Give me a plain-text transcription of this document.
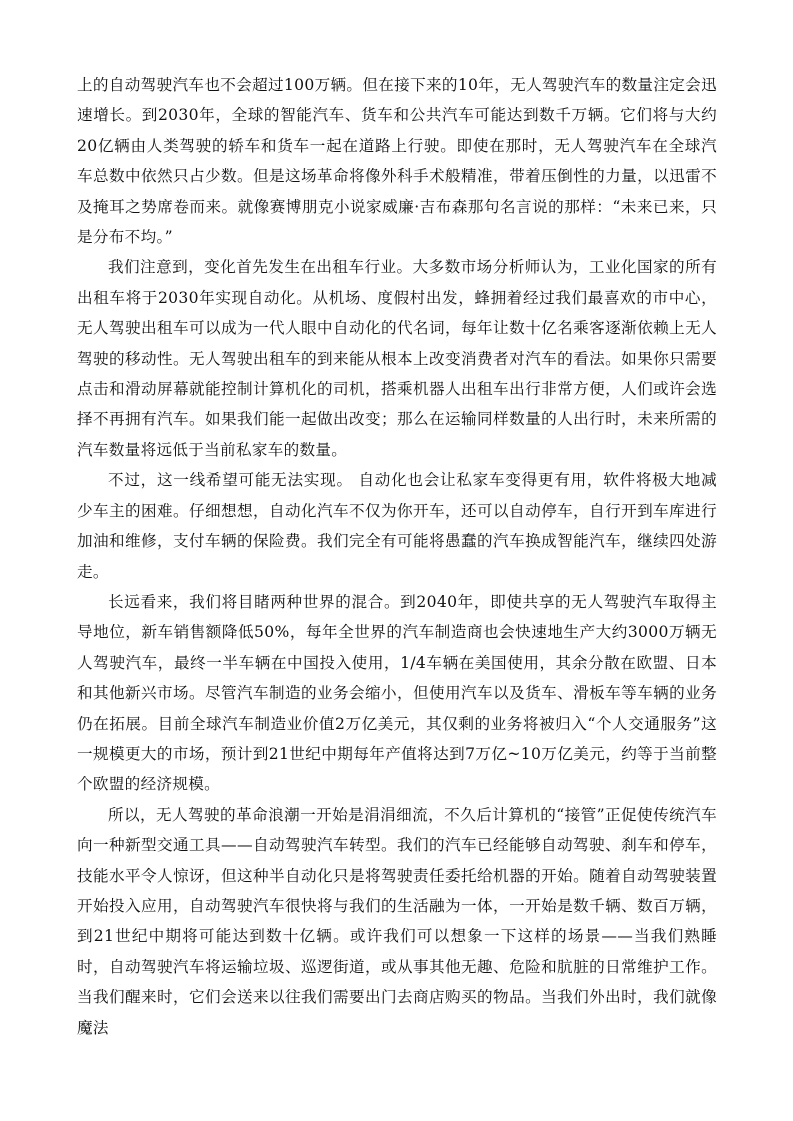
上的自动驾驶汽车也不会超过100万辆。但在接下来的10年，无人驾驶汽车的数量注定会迅速增长。到2030年，全球的智能汽车、货车和公共汽车可能达到数千万辆。它们将与大约 20亿辆由人类驾驶的轿车和货车一起在道路上行驶。即使在那时，无人驾驶汽车在全球汽车总数中依然只占少数。但是这场革命将像外科手术般精准，带着压倒性的力量，以迅雷不及掩耳之势席卷而来。就像赛博朋克小说家威廉·吉布森那句名言说的那样：“未来已来，只是分布不均。”

我们注意到，变化首先发生在出租车行业。大多数市场分析师认为，工业化国家的所有出租车将于2030年实现自动化。从机场、度假村出发，蜂拥着经过我们最喜欢的市中心，无人驾驶出租车可以成为一代人眼中自动化的代名词，每年让数十亿名乘客逐渐依赖上无人驾驶的移动性。无人驾驶出租车的到来能从根本上改变消费者对汽车的看法。如果你只需要点击和滑动屏幕就能控制计算机化的司机，搭乘机器人出租车出行非常方便，人们或许会选择不再拥有汽车。如果我们能一起做出改变；那么在运输同样数量的人出行时，未来所需的汽车数量将远低于当前私家车的数量。

不过，这一线希望可能无法实现。 自动化也会让私家车变得更有用，软件将极大地减少车主的困难。仔细想想，自动化汽车不仅为你开车，还可以自动停车，自行开到车库进行加油和维修，支付车辆的保险费。我们完全有可能将愚蠢的汽车换成智能汽车，继续四处游走。

长远看来，我们将目睹两种世界的混合。到2040年，即使共享的无人驾驶汽车取得主导地位，新车销售额降低50%，每年全世界的汽车制造商也会快速地生产大约3000万辆无人驾驶汽车，最终一半车辆在中国投入使用，1/4车辆在美国使用，其余分散在欧盟、日本和其他新兴市场。尽管汽车制造的业务会缩小，但使用汽车以及货车、滑板车等车辆的业务仍在拓展。目前全球汽车制造业价值2万亿美元，其仅剩的业务将被归入“个人交通服务”这一规模更大的市场，预计到21世纪中期每年产值将达到7万亿~10万亿美元，约等于当前整个欧盟的经济规模。

所以，无人驾驶的革命浪潮一开始是涓涓细流，不久后计算机的“接管”正促使传统汽车向一种新型交通工具——自动驾驶汽车转型。我们的汽车已经能够自动驾驶、刹车和停车，技能水平令人惊讶，但这种半自动化只是将驾驶责任委托给机器的开始。随着自动驾驶装置开始投入应用，自动驾驶汽车很快将与我们的生活融为一体，一开始是数千辆、数百万辆，到21世纪中期将可能达到数十亿辆。或许我们可以想象一下这样的场景——当我们熟睡时，自动驾驶汽车将运输垃圾、巡逻街道，或从事其他无趣、危险和肮脏的日常维护工作。当我们醒来时，它们会送来以往我们需要出门去商店购买的物品。当我们外出时，我们就像魔法
